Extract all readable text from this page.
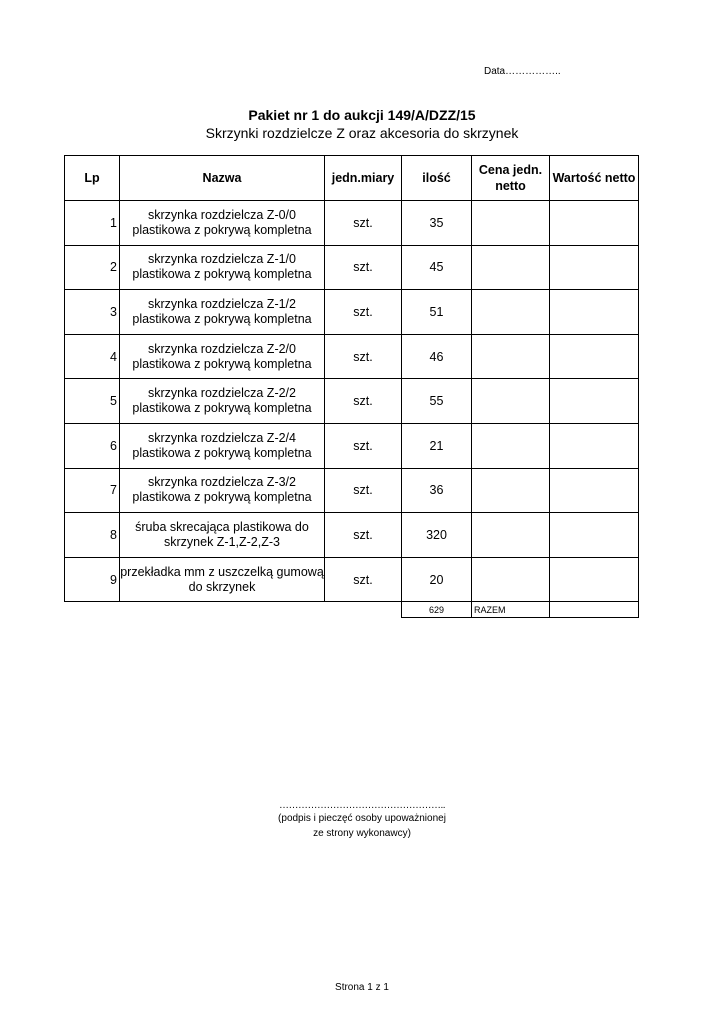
Data……………..
Pakiet nr 1 do aukcji 149/A/DZZ/15
Skrzynki rozdzielcze Z oraz akcesoria do skrzynek
Lp	Nazwa	jedn.miary	ilość	Cena jedn. netto	Wartość netto
1	skrzynka rozdzielcza Z-0/0 plastikowa z pokrywą kompletna	szt.	35		
2	skrzynka rozdzielcza Z-1/0 plastikowa z pokrywą kompletna	szt.	45		
3	skrzynka rozdzielcza Z-1/2 plastikowa z pokrywą kompletna	szt.	51		
4	skrzynka rozdzielcza Z-2/0 plastikowa z pokrywą kompletna	szt.	46		
5	skrzynka rozdzielcza Z-2/2 plastikowa z pokrywą kompletna	szt.	55		
6	skrzynka rozdzielcza Z-2/4 plastikowa z pokrywą kompletna	szt.	21		
7	skrzynka rozdzielcza Z-3/2 plastikowa z pokrywą kompletna	szt.	36		
8	śruba skrecająca plastikowa do skrzynek Z-1,Z-2,Z-3	szt.	320		
9	przekładka mm z uszczelką gumową do skrzynek	szt.	20		
			629	RAZEM	
……………………………………………..
(podpis i pieczęć osoby upoważnionej
ze strony wykonawcy)
Strona 1 z 1
